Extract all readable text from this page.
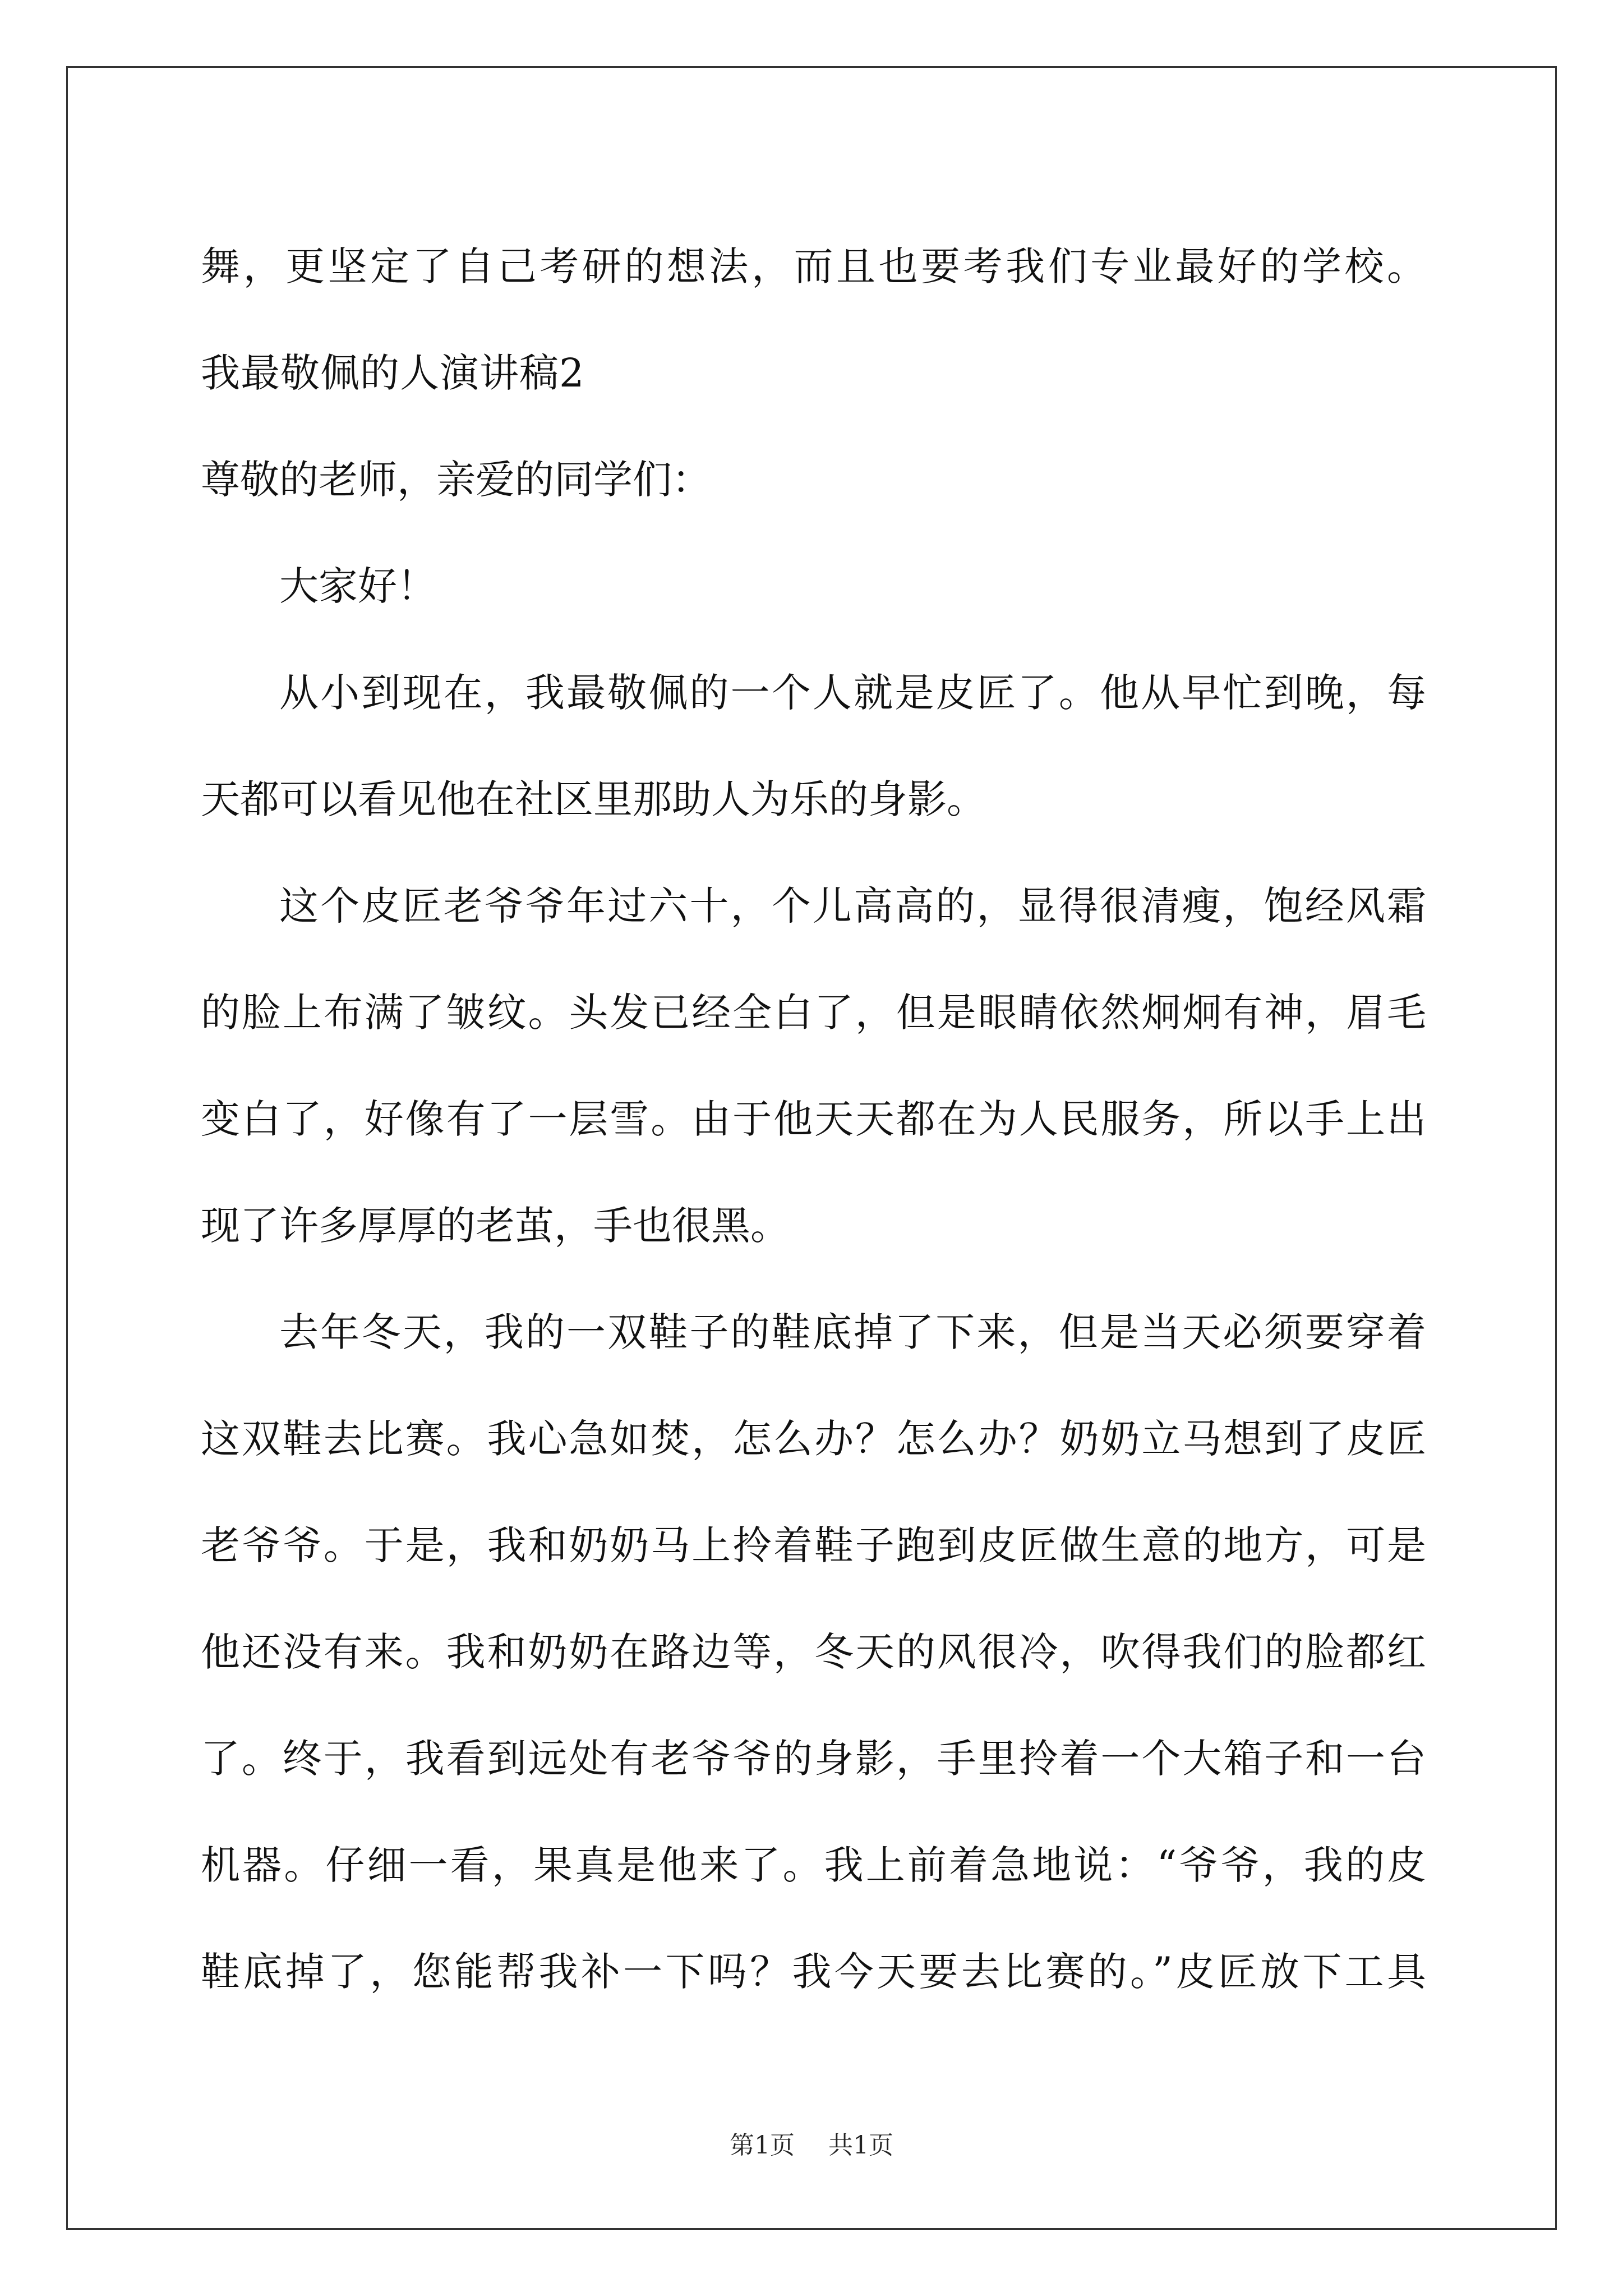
舞，更坚定了自己考研的想法，而且也要考我们专业最好的学校。
我最敬佩的人演讲稿2
尊敬的老师，亲爱的同学们：
大家好！
从小到现在，我最敬佩的一个人就是皮匠了。他从早忙到晚，每
天都可以看见他在社区里那助人为乐的身影。
这个皮匠老爷爷年过六十，个儿高高的，显得很清瘦，饱经风霜
的脸上布满了皱纹。头发已经全白了，但是眼睛依然炯炯有神，眉毛
变白了，好像有了一层雪。由于他天天都在为人民服务，所以手上出
现了许多厚厚的老茧，手也很黑。
去年冬天，我的一双鞋子的鞋底掉了下来，但是当天必须要穿着
这双鞋去比赛。我心急如焚，怎么办？怎么办？奶奶立马想到了皮匠
老爷爷。于是，我和奶奶马上拎着鞋子跑到皮匠做生意的地方，可是
他还没有来。我和奶奶在路边等，冬天的风很冷，吹得我们的脸都红
了。终于，我看到远处有老爷爷的身影，手里拎着一个大箱子和一台
机器。仔细一看，果真是他来了。我上前着急地说：“爷爷，我的皮
鞋底掉了，您能帮我补一下吗？我今天要去比赛的。”皮匠放下工具
第1页 共1页
